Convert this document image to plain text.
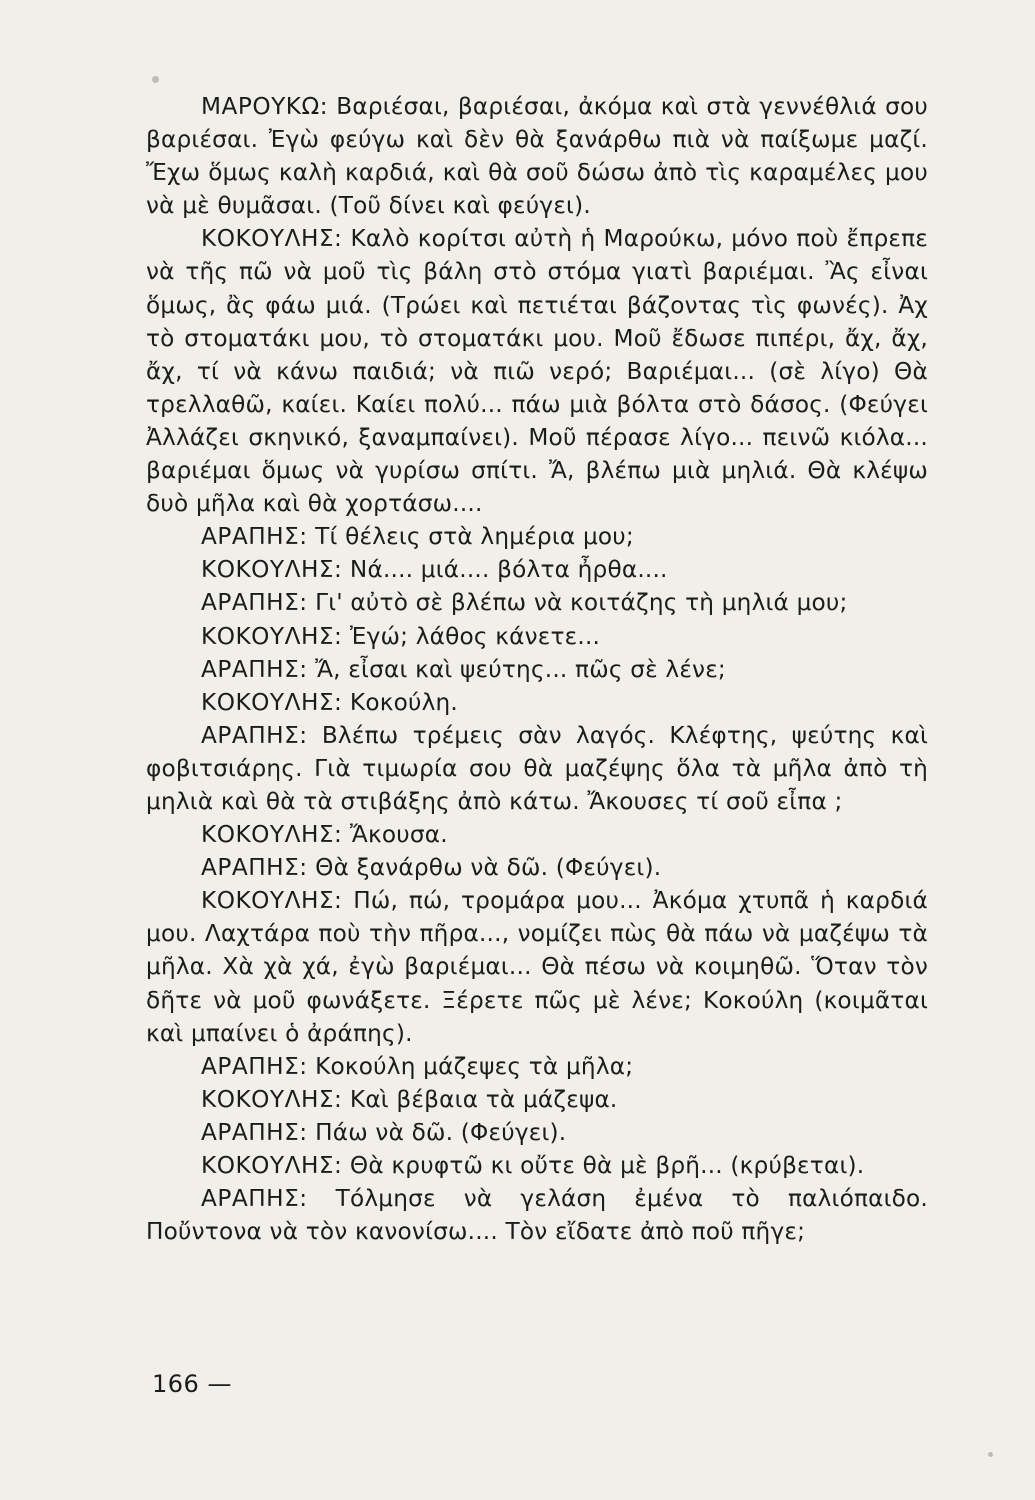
ΜΑΡΟΥΚΩ: Βαριέσαι, βαριέσαι, ἀκόμα καὶ στὰ γεννέθλιά σου βαριέσαι. Ἐγὼ φεύγω καὶ δὲν θὰ ξανάρθω πιὰ νὰ παίξωμε μαζί. Ἔχω ὅμως καλὴ καρδιά, καὶ θὰ σοῦ δώσω ἀπὸ τὶς καραμέλες μου νὰ μὲ θυμᾶσαι. (Τοῦ δίνει καὶ φεύγει).

ΚΟΚΟΥΛΗΣ: Καλὸ κορίτσι αὐτὴ ἡ Μαρούκω, μόνο ποὺ ἔπρεπε νὰ τῆς πῶ νὰ μοῦ τὶς βάλη στὸ στόμα γιατὶ βαριέμαι. Ἂς εἶναι ὅμως, ἂς φάω μιά. (Τρώει καὶ πετιέται βάζοντας τὶς φωνές). Ἀχ τὸ στοματάκι μου, τὸ στοματάκι μου. Μοῦ ἔδωσε πιπέρι, ἄχ, ἄχ, ἄχ, τί νὰ κάνω παιδιά; νὰ πιῶ νερό; Βαριέμαι... (σὲ λίγο) Θὰ τρελλαθῶ, καίει. Καίει πολύ... πάω μιὰ βόλτα στὸ δάσος. (Φεύγει Ἀλλάζει σκηνικό, ξαναμπαίνει). Μοῦ πέρασε λίγο... πεινῶ κιόλα... βαριέμαι ὅμως νὰ γυρίσω σπίτι. Ἄ, βλέπω μιὰ μηλιά. Θὰ κλέψω δυὸ μῆλα καὶ θὰ χορτάσω....

ΑΡΑΠΗΣ: Τί θέλεις στὰ λημέρια μου;

ΚΟΚΟΥΛΗΣ: Νά.... μιά.... βόλτα ἦρθα....

ΑΡΑΠΗΣ: Γι' αὐτὸ σὲ βλέπω νὰ κοιτάζης τὴ μηλιά μου;

ΚΟΚΟΥΛΗΣ: Ἐγώ; λάθος κάνετε...

ΑΡΑΠΗΣ: Ἄ, εἶσαι καὶ ψεύτης... πῶς σὲ λένε;

ΚΟΚΟΥΛΗΣ: Κοκούλη.

ΑΡΑΠΗΣ: Βλέπω τρέμεις σὰν λαγός. Κλέφτης, ψεύτης καὶ φοβιτσιάρης. Γιὰ τιμωρία σου θὰ μαζέψης ὅλα τὰ μῆλα ἀπὸ τὴ μηλιὰ καὶ θὰ τὰ στιβάξης ἀπὸ κάτω. Ἄκουσες τί σοῦ εἶπα ;

ΚΟΚΟΥΛΗΣ: Ἄκουσα.

ΑΡΑΠΗΣ: Θὰ ξανάρθω νὰ δῶ. (Φεύγει).

ΚΟΚΟΥΛΗΣ: Πώ, πώ, τρομάρα μου... Ἀκόμα χτυπᾶ ἡ καρδιά μου. Λαχτάρα ποὺ τὴν πῆρα..., νομίζει πὼς θὰ πάω νὰ μαζέψω τὰ μῆλα. Χὰ χὰ χά, ἐγὼ βαριέμαι... Θὰ πέσω νὰ κοιμηθῶ. Ὅταν τὸν δῆτε νὰ μοῦ φωνάξετε. Ξέρετε πῶς μὲ λένε; Κοκούλη (κοιμᾶται καὶ μπαίνει ὁ ἀράπης).

ΑΡΑΠΗΣ: Κοκούλη μάζεψες τὰ μῆλα;

ΚΟΚΟΥΛΗΣ: Καὶ βέβαια τὰ μάζεψα.

ΑΡΑΠΗΣ: Πάω νὰ δῶ. (Φεύγει).

ΚΟΚΟΥΛΗΣ: Θὰ κρυφτῶ κι οὔτε θὰ μὲ βρῆ... (κρύβεται).

ΑΡΑΠΗΣ: Τόλμησε νὰ γελάση ἐμένα τὸ παλιόπαιδο. Ποὔντονα νὰ τὸν κανονίσω.... Τὸν εἴδατε ἀπὸ ποῦ πῆγε;

166 —
